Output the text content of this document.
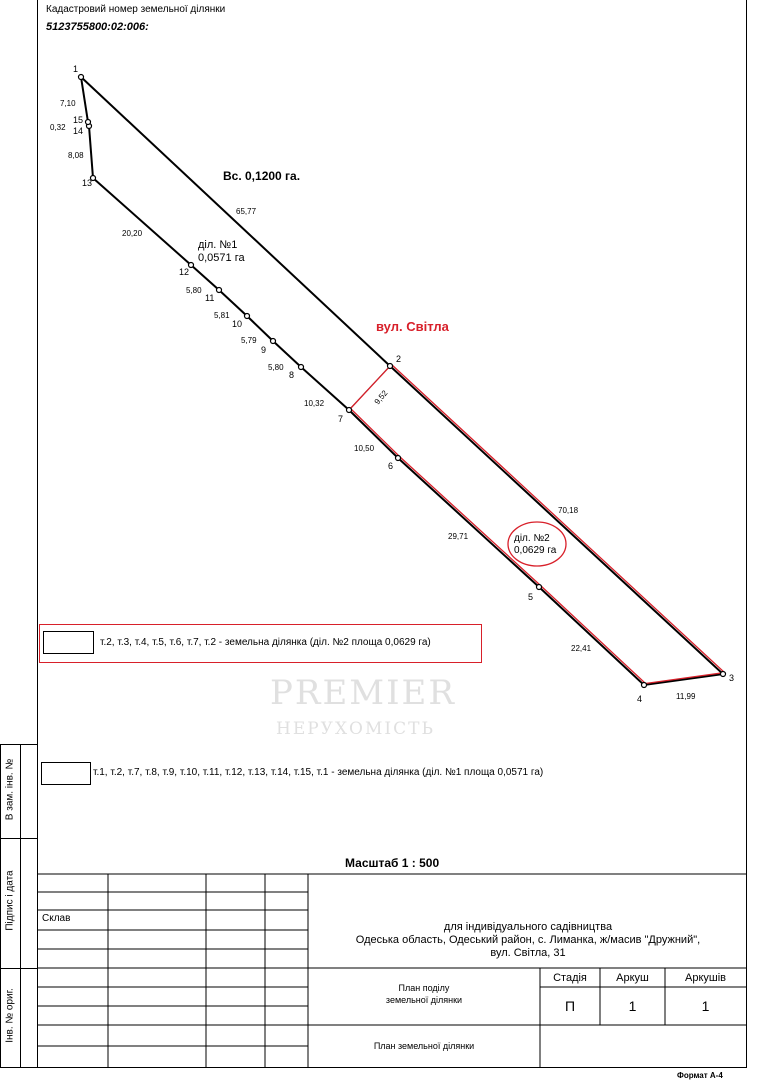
Кадастровий номер земельної ділянки
5123755800:02:006:
1
2
3
4
5
6
7
8
9
10
11
12
13
14
15
7,10
0,32
8,08
65,77
20,20
5,80
5,81
5,79
5,80
10,32	9,52
10,50
70,18
29,71
22,41
11,99
Вс. 0,1200 га.
вул. Світла
діл. №1
0,0571 га
діл. №2
0,0629 га
PREMIER
НЕРУХОМІСТЬ
т.2, т.3, т.4, т.5, т.6, т.7, т.2 - земельна ділянка (діл. №2 площа 0,0629 га)
т.1, т.2, т.7, т.8, т.9, т.10, т.11, т.12, т.13, т.14, т.15, т.1 - земельна ділянка (діл. №1 площа 0,0571 га)
В зам. інв. №
Підпис і дата
Інв. № ориг.
Масштаб 1 : 500
Склав
для індивідуального садівництва
Одеська область, Одеський район, с. Лиманка, ж/масив "Дружний",
вул. Світла, 31
План поділу
земельної ділянки
Стадія	Аркуш	Аркушів
П	1	1
План земельної ділянки
Формат А-4
